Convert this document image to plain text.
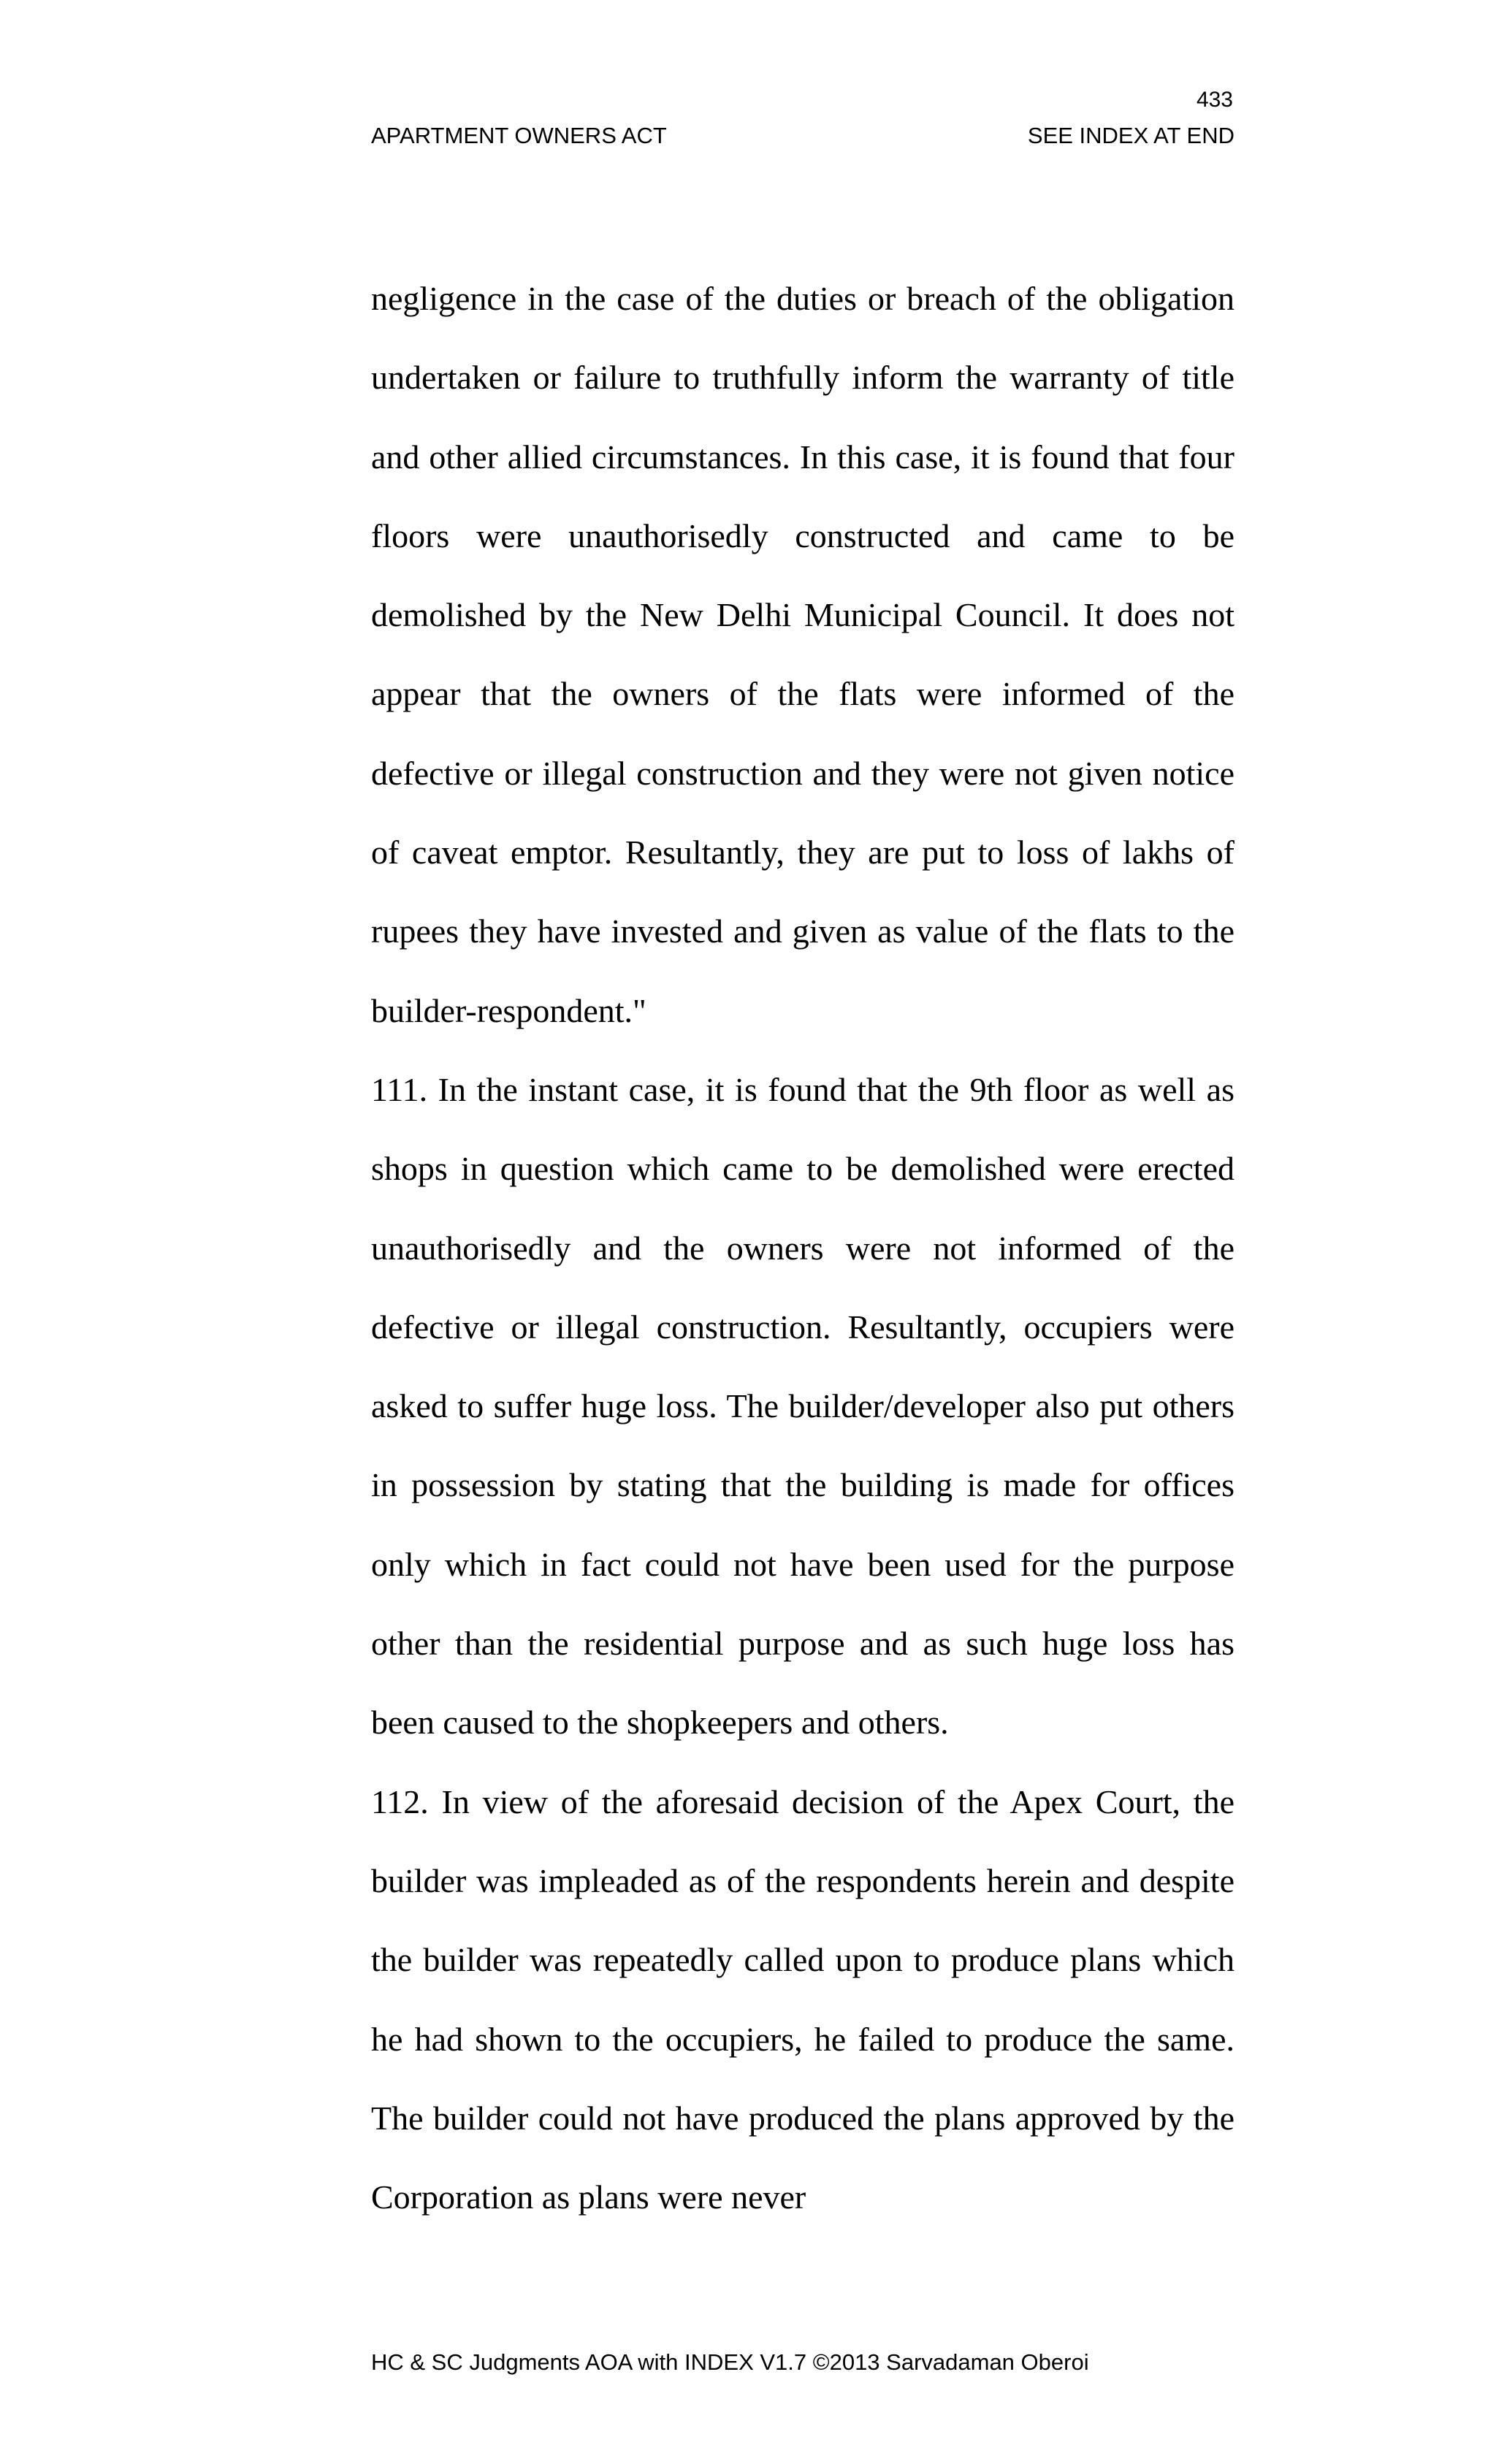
433
APARTMENT OWNERS ACT	SEE INDEX AT END

negligence in the case of the duties or breach of the obligation undertaken or failure to truthfully inform the warranty of title and other allied circumstances. In this case, it is found that four floors were unauthorisedly constructed and came to be demolished by the New Delhi Municipal Council. It does not appear that the owners of the flats were informed of the defective or illegal construction and they were not given notice of caveat emptor. Resultantly, they are put to loss of lakhs of rupees they have invested and given as value of the flats to the builder-respondent."

111. In the instant case, it is found that the 9th floor as well as shops in question which came to be demolished were erected unauthorisedly and the owners were not informed of the defective or illegal construction. Resultantly, occupiers were asked to suffer huge loss. The builder/developer also put others in possession by stating that the building is made for offices only which in fact could not have been used for the purpose other than the residential purpose and as such huge loss has been caused to the shopkeepers and others.

112. In view of the aforesaid decision of the Apex Court, the builder was impleaded as of the respondents herein and despite the builder was repeatedly called upon to produce plans which he had shown to the occupiers, he failed to produce the same. The builder could not have produced the plans approved by the Corporation as plans were never

HC & SC Judgments AOA with INDEX V1.7 ©2013 Sarvadaman Oberoi
